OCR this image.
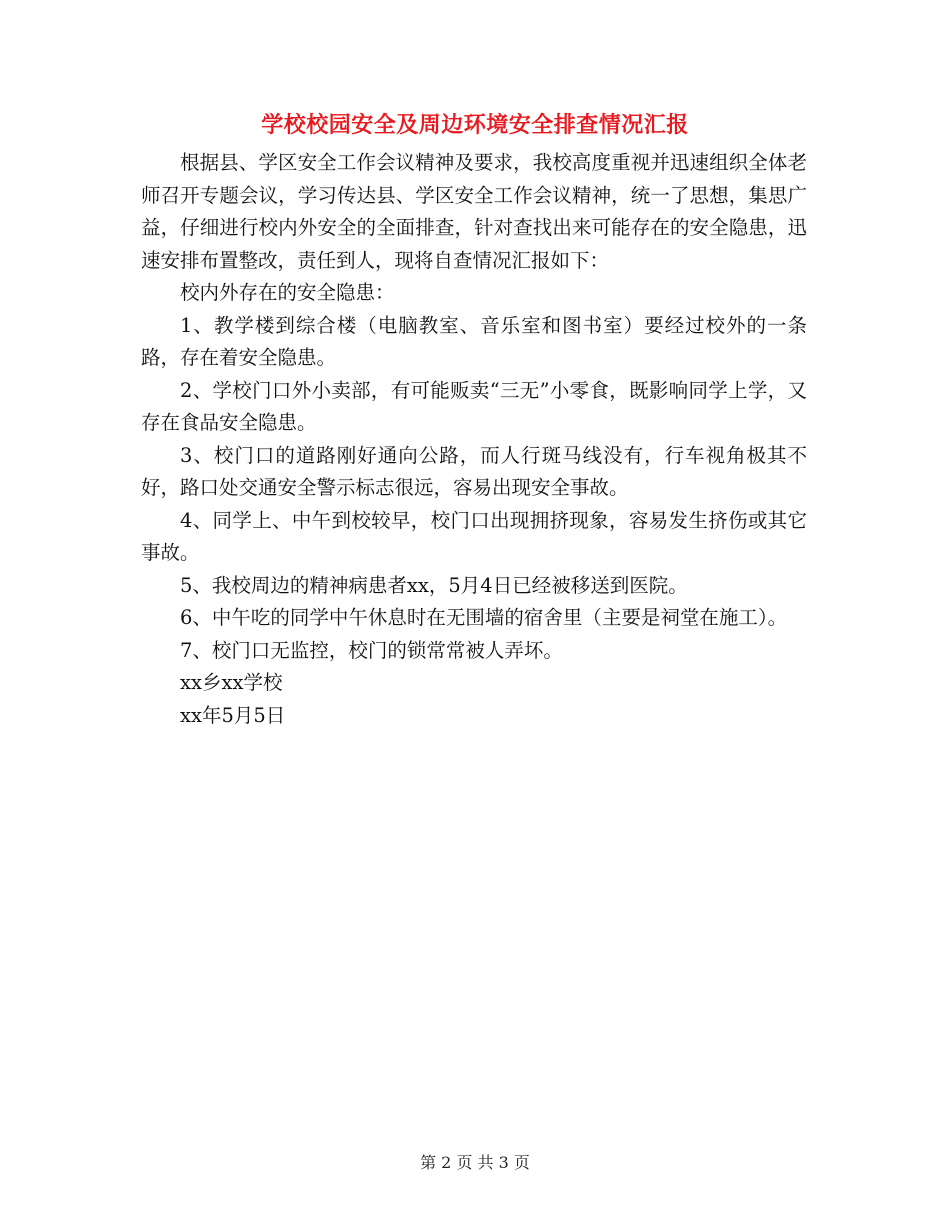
学校校园安全及周边环境安全排查情况汇报

根据县、学区安全工作会议精神及要求，我校高度重视并迅速组织全体老师召开专题会议，学习传达县、学区安全工作会议精神，统一了思想，集思广益，仔细进行校内外安全的全面排查，针对查找出来可能存在的安全隐患，迅速安排布置整改，责任到人，现将自查情况汇报如下：

校内外存在的安全隐患：

1、教学楼到综合楼（电脑教室、音乐室和图书室）要经过校外的一条路，存在着安全隐患。

2、学校门口外小卖部，有可能贩卖“三无”小零食，既影响同学上学，又存在食品安全隐患。

3、校门口的道路刚好通向公路，而人行斑马线没有，行车视角极其不好，路口处交通安全警示标志很远，容易出现安全事故。

4、同学上、中午到校较早，校门口出现拥挤现象，容易发生挤伤或其它事故。

5、我校周边的精神病患者xx，5月4日已经被移送到医院。

6、中午吃的同学中午休息时在无围墙的宿舍里（主要是祠堂在施工）。

7、校门口无监控，校门的锁常常被人弄坏。

xx乡xx学校

xx年5月5日

第 2 页 共 3 页
